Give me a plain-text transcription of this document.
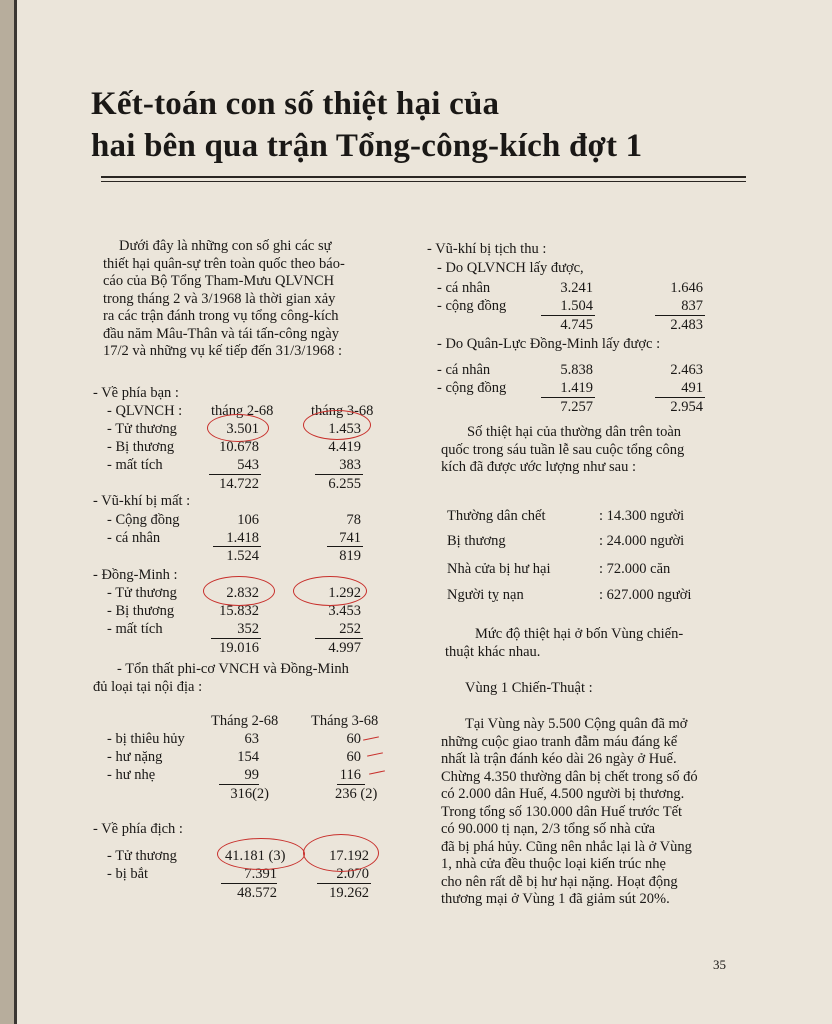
Kết-toán con số thiệt hại của
hai bên qua trận Tổng-công-kích đợt 1
Dưới đây là những con số ghi các sự
thiết hại quân-sự trên toàn quốc theo báo-
cáo của Bộ Tổng Tham-Mưu QLVNCH
trong tháng 2 và 3/1968 là thời gian xảy
ra các trận đánh trong vụ tổng công-kích
đầu năm Mâu-Thân và tái tấn-công ngày
17/2 và những vụ kế tiếp đến 31/3/1968 :
- Về phía bạn :
- QLVNCH : tháng 2-68	tháng 3-68
- Tử thương	3.501	1.453
- Bị thương	10.678	4.419
- mất tích	543	383
14.722	6.255
- Vũ-khí bị mất :
- Cộng đồng	106	78
- cá nhân	1.418	741
1.524	819
- Đồng-Minh :
- Tử thương	2.832	1.292
- Bị thương	15.832	3.453
- mất tích	352	252
19.016	4.997
- Tổn thất phi-cơ VNCH và Đồng-Minh
đủ loại tại nội địa :
Tháng 2-68 Tháng 3-68
- bị thiêu hủy	63	60
- hư nặng	154	60
- hư nhẹ	99	116
316(2)	236 (2)
- Về phía địch :
- Tử thương	41.181 (3)	17.192
- bị bắt	7.391	2.070
48.572	19.262
- Vũ-khí bị tịch thu :
- Do QLVNCH lấy được,
- cá nhân	3.241	1.646
- cộng đồng	1.504	837
4.745	2.483
- Do Quân-Lực Đồng-Minh lấy được :
- cá nhân	5.838	2.463
- cộng đồng	1.419	491
7.257	2.954
Số thiệt hại của thường dân trên toàn
quốc trong sáu tuần lễ sau cuộc tổng công
kích đã được ước lượng như sau :
Thường dân chết	: 14.300 người
Bị thương	: 24.000 người
Nhà cửa bị hư hại	: 72.000 căn
Người tỵ nạn	: 627.000 người
Mức độ thiệt hại ở bốn Vùng chiến-
thuật khác nhau.
Vùng 1 Chiến-Thuật :
Tại Vùng này 5.500 Cộng quân đã mở
những cuộc giao tranh đẫm máu đáng kể
nhất là trận đánh kéo dài 26 ngày ở Huế.
Chừng 4.350 thường dân bị chết trong số đó
có 2.000 dân Huế, 4.500 người bị thương.
Trong tổng số 130.000 dân Huế trước Tết
có 90.000 tị nạn, 2/3 tổng số nhà cửa
đã bị phá hủy. Cũng nên nhắc lại là ở Vùng
1, nhà cửa đều thuộc loại kiến trúc nhẹ
cho nên rất dễ bị hư hại nặng. Hoạt động
thương mại ở Vùng 1 đã giảm sút 20%.
35
